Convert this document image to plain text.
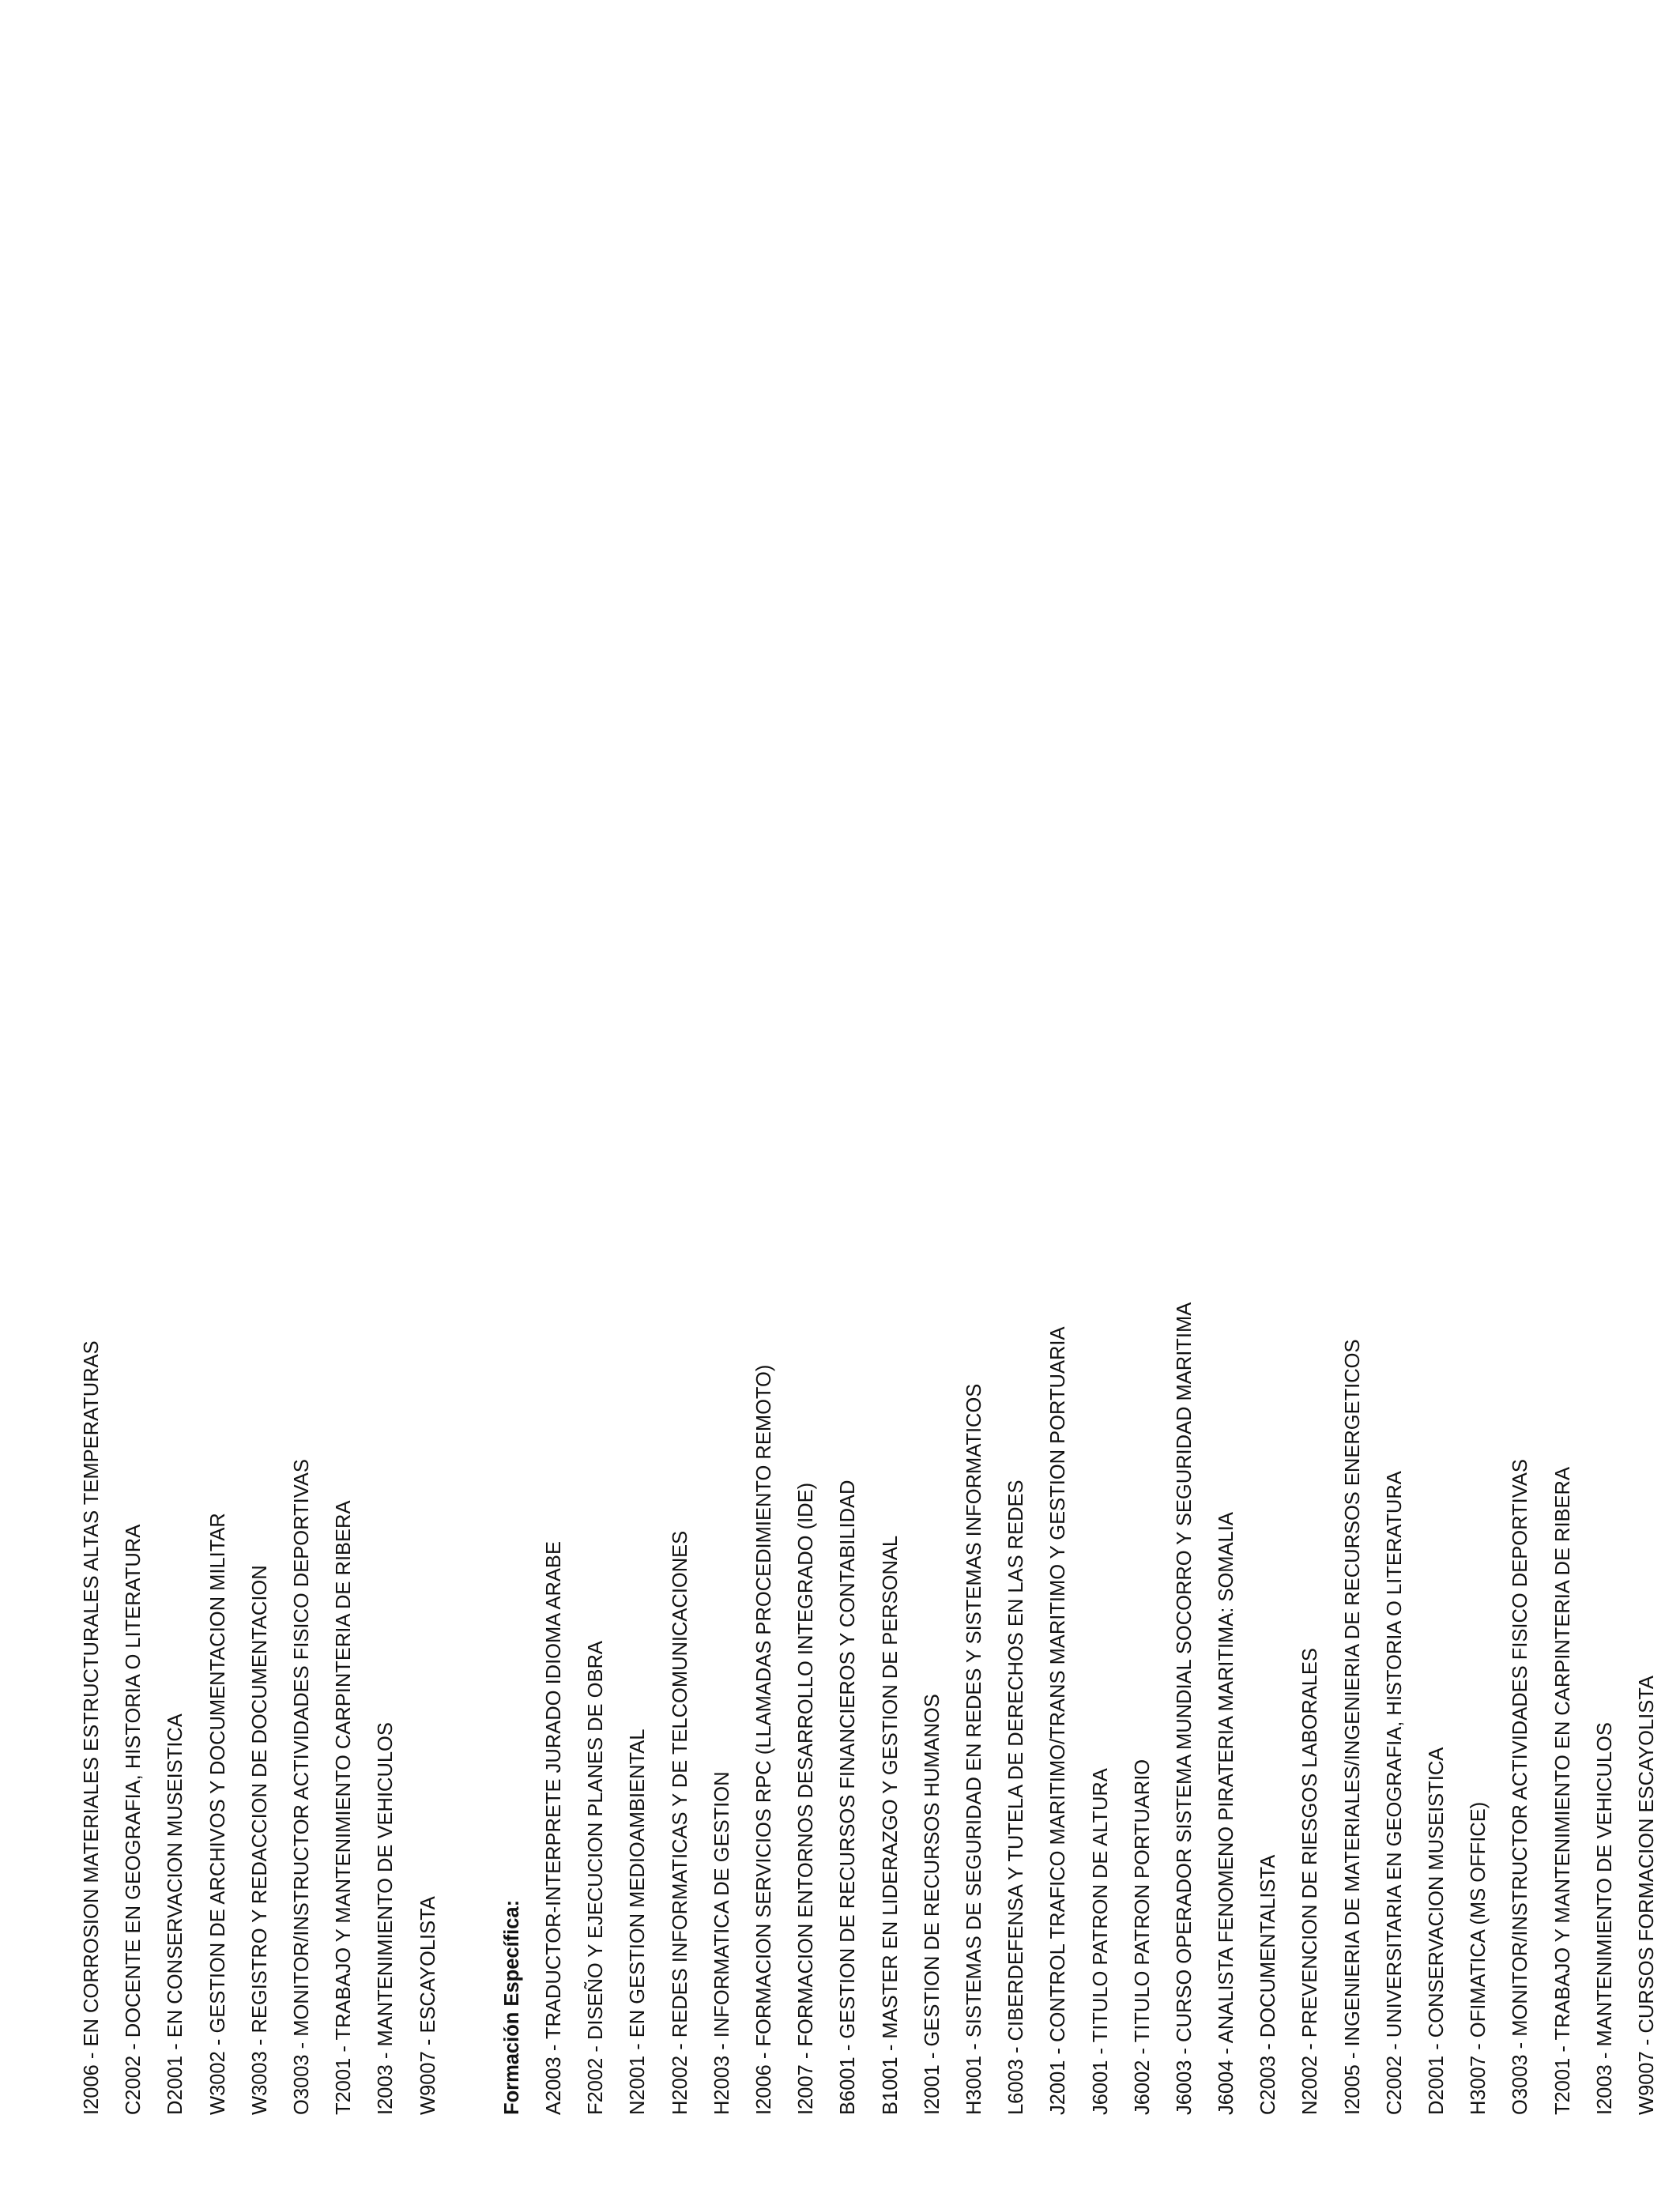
I2006 - EN CORROSION MATERIALES ESTRUCTURALES ALTAS TEMPERATURAS C2002 - DOCENTE EN GEOGRAFIA, HISTORIA O LITERATURA D2001 - EN CONSERVACION MUSEISTICA W3002 - GESTION DE ARCHIVOS Y DOCUMENTACION MILITAR W3003 - REGISTRO Y REDACCION DE DOCUMENTACION O3003 - MONITOR/INSTRUCTOR ACTIVIDADES FISICO DEPORTIVAS T2001 - TRABAJO Y MANTENIMIENTO CARPINTERIA DE RIBERA I2003 - MANTENIMIENTO DE VEHICULOS W9007 - ESCAYOLISTA	Formación Específica: A2003 - TRADUCTOR-INTERPRETE JURADO IDIOMA ARABE F2002 - DISEÑO Y EJECUCION PLANES DE OBRA N2001 - EN GESTION MEDIOAMBIENTAL H2002 - REDES INFORMATICAS Y DE TELCOMUNICACIONES H2003 - INFORMATICA DE GESTION I2006 - FORMACION SERVICIOS RPC (LLAMADAS PROCEDIMIENTO REMOTO) I2007 - FORMACION ENTORNOS DESARROLLO INTEGRADO (IDE) B6001 - GESTION DE RECURSOS FINANCIEROS Y CONTABILIDAD B1001 - MASTER EN LIDERAZGO Y GESTION DE PERSONAL I2001 - GESTION DE RECURSOS HUMANOS H3001 - SISTEMAS DE SEGURIDAD EN REDES Y SISTEMAS INFORMATICOS L6003 - CIBERDEFENSA Y TUTELA DE DERECHOS EN LAS REDES J2001 - CONTROL TRAFICO MARITIMO/TRANS MARITIMO Y GESTION PORTUARIA J6001 - TITULO PATRON DE ALTURA J6002 - TITULO PATRON PORTUARIO J6003 - CURSO OPERADOR SISTEMA MUNDIAL SOCORRO Y SEGURIDAD MARITIMA J6004 - ANALISTA FENOMENO PIRATERIA MARITIMA: SOMALIA C2003 - DOCUMENTALISTA N2002 - PREVENCION DE RIESGOS LABORALES I2005 - INGENIERIA DE MATERIALES/INGENIERIA DE RECURSOS ENERGETICOS C2002 - UNIVERSITARIA EN GEOGRAFIA, HISTORIA O LITERATURA D2001 - CONSERVACION MUSEISTICA H3007 - OFIMATICA (MS OFFICE) O3003 - MONITOR/INSTRUCTOR ACTIVIDADES FISICO DEPORTIVAS T2001 - TRABAJO Y MANTENIMIENTO EN CARPINTERIA DE RIBERA I2003 - MANTENIMIENTO DE VEHICULOS W9007 - CURSOS FORMACION ESCAYOLISTA
